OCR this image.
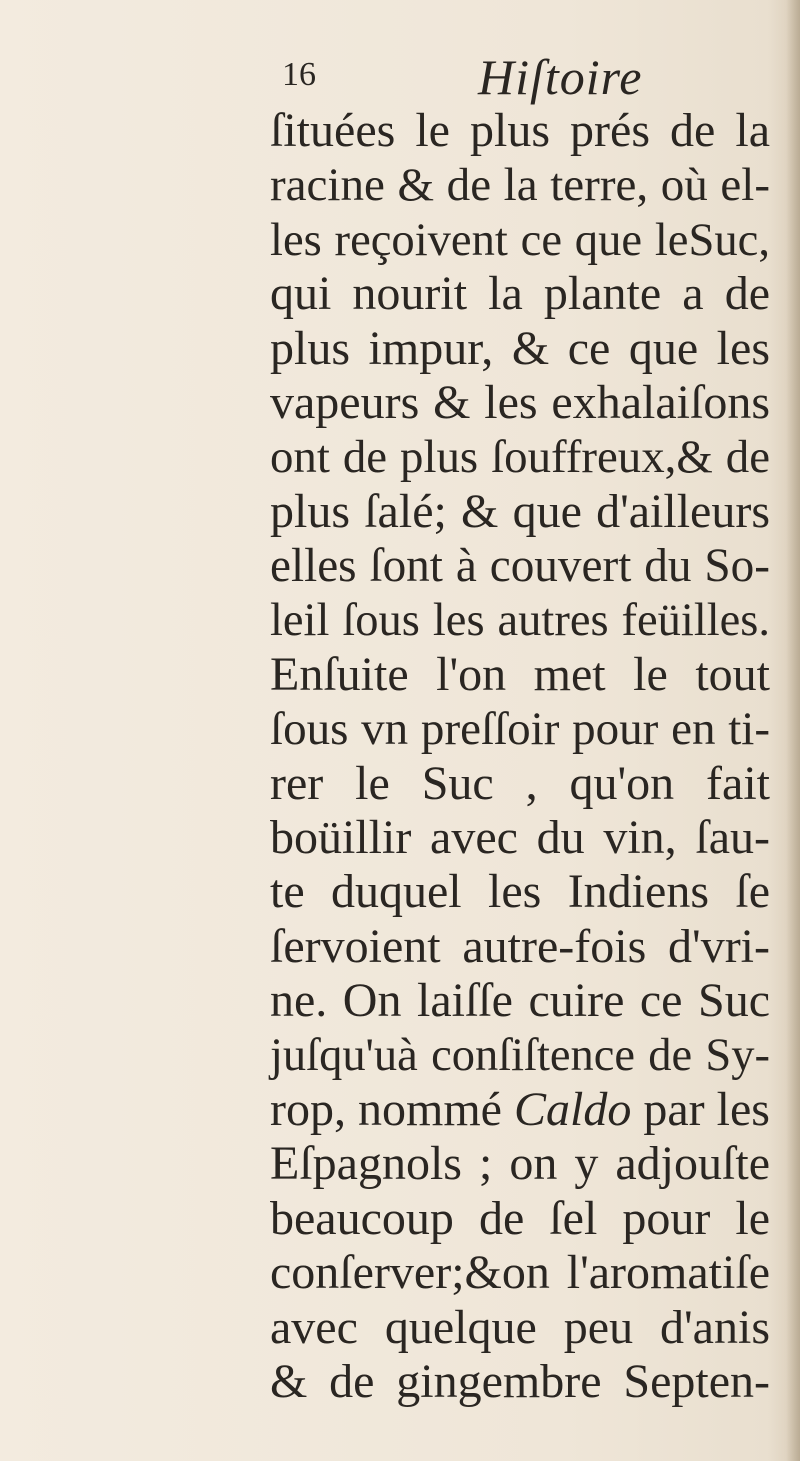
16	Hiſtoire
ſituées le plus prés de la
racine & de la terre, où el-
les reçoivent ce que leSuc,
qui nourit la plante a de
plus impur, & ce que les
vapeurs & les exhalaiſons
ont de plus ſouffreux,& de
plus ſalé; & que d'ailleurs
elles ſont à couvert du So-
leil ſous les autres feüilles.
Enſuite l'on met le tout
ſous vn preſſoir pour en ti-
rer le Suc , qu'on fait
boüillir avec du vin, ſau-
te duquel les Indiens ſe
ſervoient autre-fois d'vri-
ne. On laiſſe cuire ce Suc
juſqu'uà conſiſtence de Sy-
rop, nommé Caldo par les
Eſpagnols ; on y adjouſte
beaucoup de ſel pour le
conſerver;&on l'aromatiſe
avec quelque peu d'anis
& de gingembre Septen-
